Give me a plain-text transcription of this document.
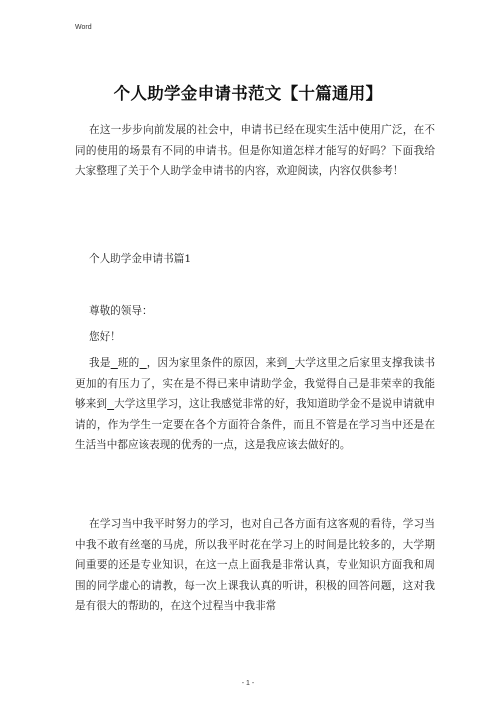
Word
个人助学金申请书范文【十篇通用】

在这一步步向前发展的社会中，申请书已经在现实生活中使用广泛，在不同的使用的场景有不同的申请书。但是你知道怎样才能写的好吗？下面我给大家整理了关于个人助学金申请书的内容，欢迎阅读，内容仅供参考！

个人助学金申请书篇1

尊敬的领导：

您好！

我是 班的 ，因为家里条件的原因，来到 大学这里之后家里支撑我读书更加的有压力了，实在是不得已来申请助学金，我觉得自己是非荣幸的我能够来到 大学这里学习，这让我感觉非常的好，我知道助学金不是说申请就申请的，作为学生一定要在各个方面符合条件，而且不管是在学习当中还是在生活当中都应该表现的优秀的一点，这是我应该去做好的。

在学习当中我平时努力的学习，也对自己各方面有这客观的看待，学习当中我不敢有丝毫的马虎，所以我平时花在学习上的时间是比较多的，大学期间重要的还是专业知识，在这一点上面我是非常认真，专业知识方面我和周围的同学虚心的请教，每一次上课我认真的听讲，积极的回答问题，这对我是有很大的帮助的，在这个过程当中我非常

- 1 -
